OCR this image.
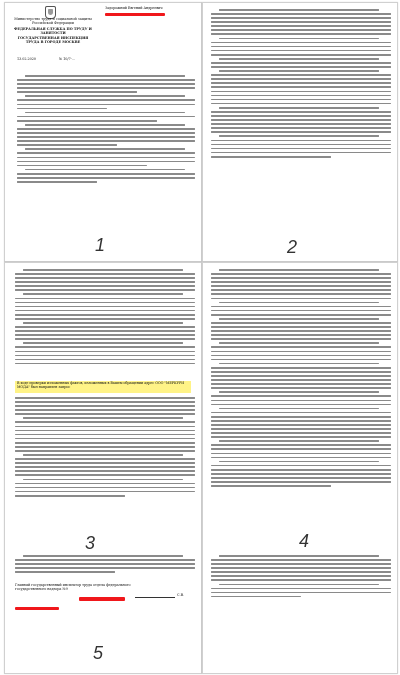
Министерство труда и социальной защиты Российской Федерации
ФЕДЕРАЛЬНАЯ СЛУЖБА ПО ТРУДУ И ЗАНЯТОСТИ
ГОСУДАРСТВЕННАЯ ИНСПЕКЦИЯ ТРУДА В ГОРОДЕ МОСКВЕ
13.02.2020	№ 10/7-...
Задорожний Евгений Андреевич
1	2
В ходе проверки изложенных фактов, изложенных в Вашем обращении адрес ООО "МЕРКУРИ МОДА" был направлен запрос
3
Главный государственный инспектор труда отдела федерального государственного надзора №9
С.В.
5
4
